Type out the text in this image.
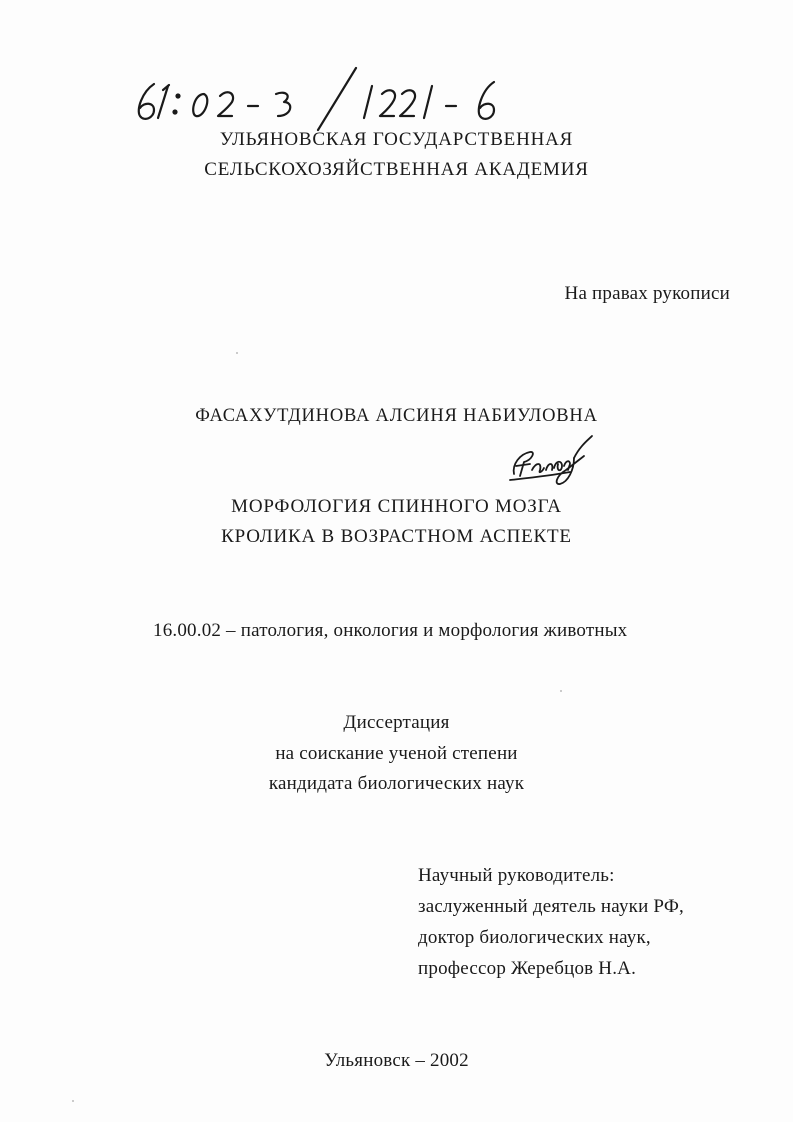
УЛЬЯНОВСКАЯ ГОСУДАРСТВЕННАЯ
СЕЛЬСКОХОЗЯЙСТВЕННАЯ АКАДЕМИЯ
На правах рукописи
ФАСАХУТДИНОВА АЛСИНЯ НАБИУЛОВНА
МОРФОЛОГИЯ СПИННОГО МОЗГА
КРОЛИКА В ВОЗРАСТНОМ АСПЕКТЕ
16.00.02 – патология, онкология и морфология животных
Диссертация
на соискание ученой степени
кандидата биологических наук
Научный руководитель:
заслуженный деятель науки РФ,
доктор биологических наук,
профессор Жеребцов Н.А.
Ульяновск – 2002
